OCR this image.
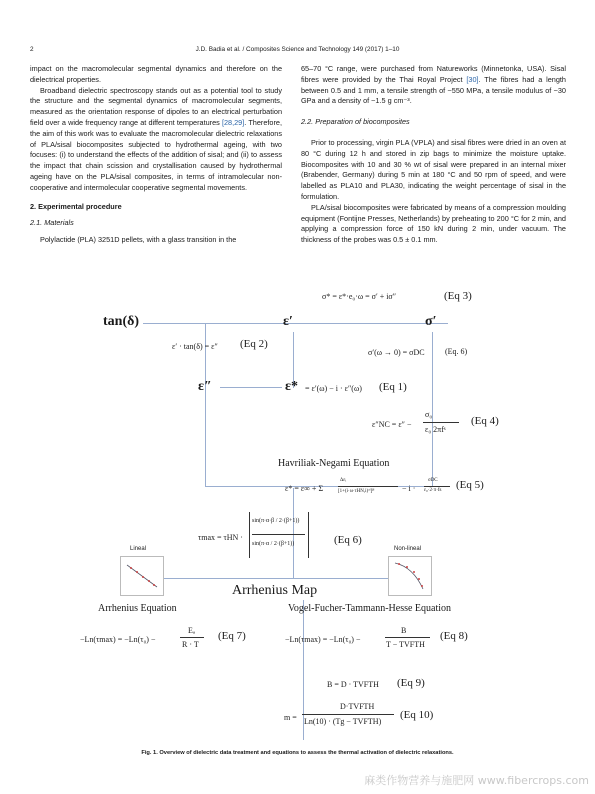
2	J.D. Badia et al. / Composites Science and Technology 149 (2017) 1–10

impact on the macromolecular segmental dynamics and therefore on the dielectrical properties.

Broadband dielectric spectroscopy stands out as a potential tool to study the structure and the segmental dynamics of macromolecular segments, measured as the orientation response of dipoles to an electrical perturbation field over a wide frequency range at different temperatures [28,29]. Therefore, the aim of this work was to evaluate the macromolecular dielectric relaxations of PLA/sisal biocomposites subjected to hydrothermal ageing, with two focuses: (i) to understand the effects of the addition of sisal; and (ii) to assess the impact that chain scission and crystallisation caused by hydrothermal ageing have on the PLA/sisal composites, in terms of intramolecular non-cooperative and intermolecular cooperative segmental movements.

2. Experimental procedure

2.1. Materials

Polylactide (PLA) 3251D pellets, with a glass transition in the

65–70 °C range, were purchased from Natureworks (Minnetonka, USA). Sisal fibres were provided by the Thai Royal Project [30]. The fibres had a length between 0.5 and 1 mm, a tensile strength of ~550 MPa, a tensile modulus of ~30 GPa and a density of ~1.5 g cm⁻³.

2.2. Preparation of biocomposites

Prior to processing, virgin PLA (VPLA) and sisal fibres were dried in an oven at 80 °C during 12 h and stored in zip bags to minimize the moisture uptake. Biocomposites with 10 and 30 % wt of sisal were prepared in an internal mixer (Brabender, Germany) during 5 min at 180 °C and 50 rpm of speed, and were labelled as PLA10 and PLA30, indicating the weight percentage of sisal in the formulation.

PLA/sisal biocomposites were fabricated by means of a compression moulding equipment (Fontijne Presses, Netherlands) by preheating to 200 °C for 2 min, and applying a compression force of 150 kN during 2 min, under vacuum. The thickness of the probes was 0.5 ± 0.1 mm.

σ* = ε*·e₀·ω = σ′ + iσ″	(Eq 3)
tan(δ)	ε′	σ′
ε′ · tan(δ) = ε″ (Eq 2)
σ′(ω → 0) = σDC	(Eq. 6)
ε″	ε* = ε′(ω) − i · ε″(ω) (Eq 1)
ε″NC = ε″ −
σ₀
ε₀ 2πfˢ
(Eq 4)
Havriliak-Negami Equation
ε* = ε∞ + Σ
Δεᵢ
[1+(i·ω·τHN,i)ᵃⁱ]ᵝⁱ	− i ·
σDC
ε₀·2·π·fs (Eq 5)
τmax = τHN ·
sin(π·α·β / 2·(β+1))
sin(π·α / 2·(β+1))	(Eq 6)
Lineal	Non-lineal
Arrhenius Map
Arrhenius Equation	Vogel-Fucher-Tammann-Hesse Equation
−Ln(τmax) = −Ln(τ₀) −
Eₐ
R · T
(Eq 7)	−Ln(τmax) = −Ln(τ₀) −
B
T − TVFTH
(Eq 8)
B = D · TVFTH (Eq 9)
m =
D·TVFTH
Ln(10) · (Tg − TVFTH)
(Eq 10)
Fig. 1. Overview of dielectric data treatment and equations to assess the thermal activation of dielectric relaxations.
麻类作物营养与施肥网 www.fibercrops.com
